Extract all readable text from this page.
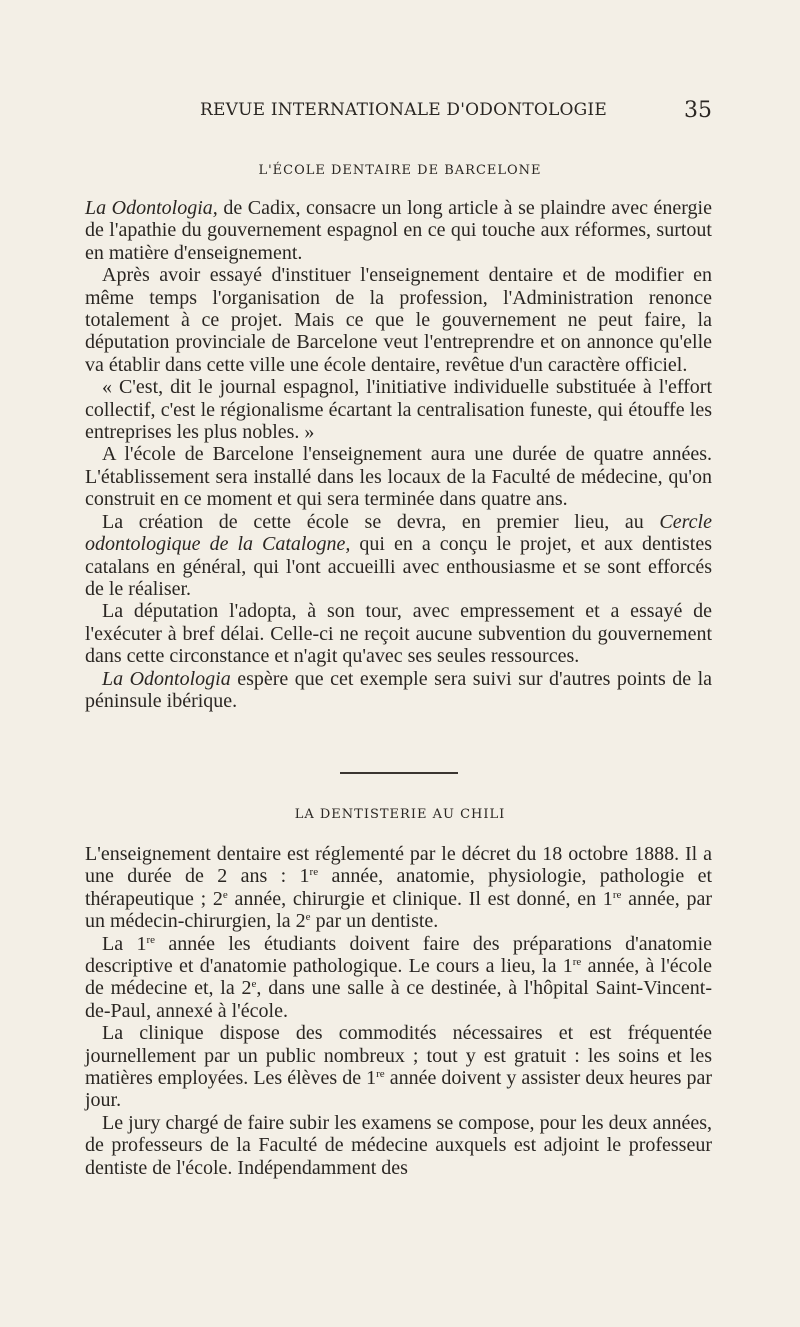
REVUE INTERNATIONALE D'ODONTOLOGIE	35
L'ÉCOLE DENTAIRE DE BARCELONE

La Odontologia, de Cadix, consacre un long article à se plaindre avec énergie de l'apathie du gouvernement espagnol en ce qui touche aux réformes, surtout en matière d'enseignement.

Après avoir essayé d'instituer l'enseignement dentaire et de modifier en même temps l'organisation de la profession, l'Administration renonce totalement à ce projet. Mais ce que le gouvernement ne peut faire, la députation provinciale de Barcelone veut l'entreprendre et on annonce qu'elle va établir dans cette ville une école dentaire, revêtue d'un caractère officiel.

« C'est, dit le journal espagnol, l'initiative individuelle substituée à l'effort collectif, c'est le régionalisme écartant la centralisation funeste, qui étouffe les entreprises les plus nobles. »

A l'école de Barcelone l'enseignement aura une durée de quatre années. L'établissement sera installé dans les locaux de la Faculté de médecine, qu'on construit en ce moment et qui sera terminée dans quatre ans.

La création de cette école se devra, en premier lieu, au Cercle odontologique de la Catalogne, qui en a conçu le projet, et aux dentistes catalans en général, qui l'ont accueilli avec enthousiasme et se sont efforcés de le réaliser.

La députation l'adopta, à son tour, avec empressement et a essayé de l'exécuter à bref délai. Celle-ci ne reçoit aucune subvention du gouvernement dans cette circonstance et n'agit qu'avec ses seules ressources.

La Odontologia espère que cet exemple sera suivi sur d'autres points de la péninsule ibérique.

LA DENTISTERIE AU CHILI

L'enseignement dentaire est réglementé par le décret du 18 octobre 1888. Il a une durée de 2 ans : 1re année, anatomie, physiologie, pathologie et thérapeutique ; 2e année, chirurgie et clinique. Il est donné, en 1re année, par un médecin-chirurgien, la 2e par un dentiste.

La 1re année les étudiants doivent faire des préparations d'anatomie descriptive et d'anatomie pathologique. Le cours a lieu, la 1re année, à l'école de médecine et, la 2e, dans une salle à ce destinée, à l'hôpital Saint-Vincent-de-Paul, annexé à l'école.

La clinique dispose des commodités nécessaires et est fréquentée journellement par un public nombreux ; tout y est gratuit : les soins et les matières employées. Les élèves de 1re année doivent y assister deux heures par jour.

Le jury chargé de faire subir les examens se compose, pour les deux années, de professeurs de la Faculté de médecine auxquels est adjoint le professeur dentiste de l'école. Indépendamment des
